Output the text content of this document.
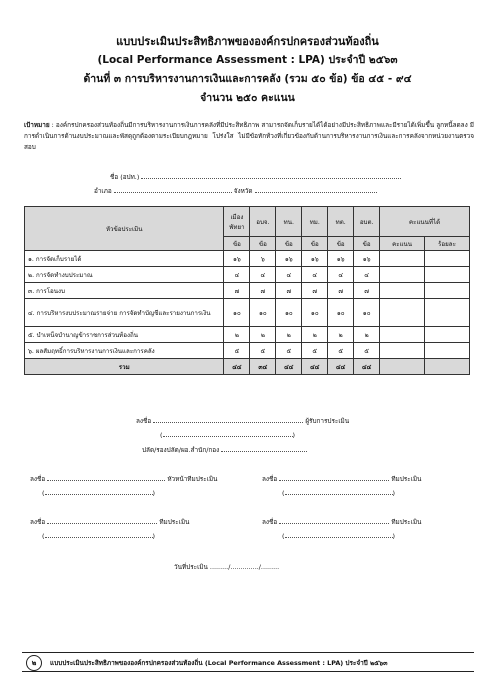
แบบประเมินประสิทธิภาพขององค์กรปกครองส่วนท้องถิ่น
(Local Performance Assessment : LPA) ประจำปี ๒๕๖๓
ด้านที่ ๓ การบริหารงานการเงินและการคลัง (รวม ๕๐ ข้อ) ข้อ ๔๕ - ๙๔
จำนวน ๒๕๐ คะแนน
เป้าหมาย : องค์กรปกครองส่วนท้องถิ่นมีการบริหารงานการเงินการคลังที่มีประสิทธิภาพ สามารถจัดเก็บรายได้ได้อย่างมีประสิทธิภาพและมีรายได้เพิ่มขึ้น ลูกหนี้ลดลง มีการดำเนินการด้านงบประมาณและพัสดุถูกต้องตามระเบียบกฎหมาย โปร่งใส ไม่มีข้อทักท้วงที่เกี่ยวข้องกับด้านการบริหารงานการเงินและการคลังจากหน่วยงานตรวจสอบ
ชื่อ (อปท.)
อำเภอ	จังหวัด
หัวข้อประเมิน	เมือง พัทยา	อบจ.	ทน.	ทม.	ทต.	อบต.	คะแนนที่ได้	
	ข้อ	ข้อ	ข้อ	ข้อ	ข้อ	ข้อ	คะแนน	ร้อยละ
๑. การจัดเก็บรายได้	๑๖	๖	๑๖	๑๖	๑๖	๑๖		
๒. การจัดทำงบประมาณ	๔	๔	๔	๔	๔	๔		
๓. การโอนงบ	๗	๗	๗	๗	๗	๗		
๔. การบริหารงบประมาณรายจ่าย การจัดทำบัญชีและรายงานการเงิน	๑๐	๑๐	๑๐	๑๐	๑๐	๑๐		
๕. บำเหน็จบำนาญข้าราชการส่วนท้องถิ่น	๒	๒	๒	๒	๒	๒		
๖. ผลสัมฤทธิ์การบริหารงานการเงินและการคลัง	๕	๕	๕	๕	๕	๕		
รวม	๔๔	๓๔	๔๔	๔๔	๔๔	๔๔		
ลงชื่อ	ผู้รับการประเมิน
(	)
ปลัด/รองปลัด/ผอ.สำนัก/กอง
ลงชื่อ	หัวหน้าทีมประเมิน
(	)
ลงชื่อ	ทีมประเมิน
(	)
ลงชื่อ	ทีมประเมิน
(	)
ลงชื่อ	ทีมประเมิน
(	)
วันที่ประเมิน ........./............../.........
๒	แบบประเมินประสิทธิภาพขององค์กรปกครองส่วนท้องถิ่น (Local Performance Assessment : LPA) ประจำปี ๒๕๖๓
